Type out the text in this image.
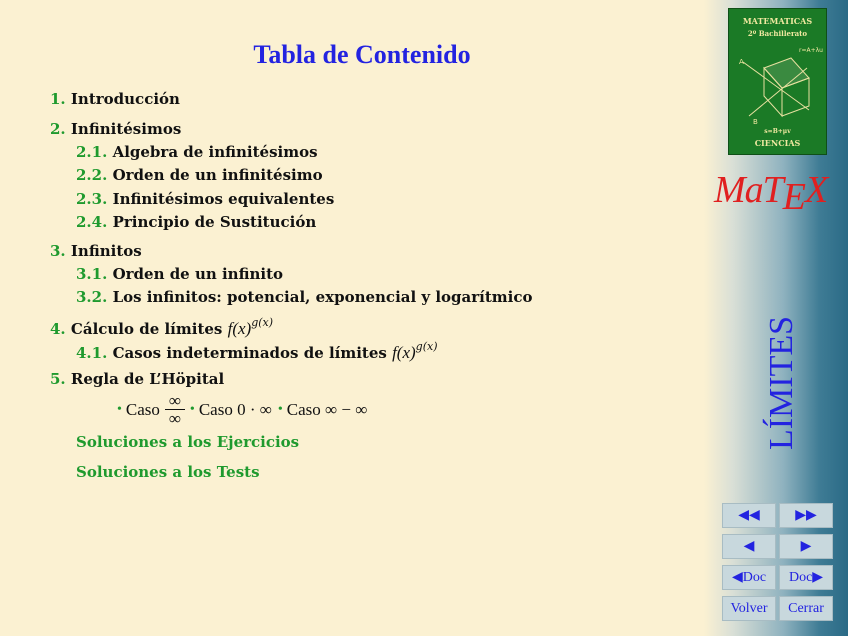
Tabla de Contenido
1. Introducción
2. Infinitésimos
2.1. Algebra de infinitésimos
2.2. Orden de un infinitésimo
2.3. Infinitésimos equivalentes
2.4. Principio de Sustitución
3. Infinitos
3.1. Orden de un infinito
3.2. Los infinitos: potencial, exponencial y logarítmico
4. Cálculo de límites $f(x)^{g(x)}$
4.1. Casos indeterminados de límites $f(x)^{g(x)}$
5. Regla de L’Höpital
• Caso $\frac{\infty}{\infty}$ • Caso 0 · ∞ • Caso ∞ − ∞
Soluciones a los Ejercicios
Soluciones a los Tests
MATEMATICAS
2º Bachillerato
r=A+λu
A
B
s=B+μv
CIENCIAS
MaTEX
LÍMITES
◀◀	▶▶
◀	▶
◀Doc	Doc▶
Volver	Cerrar
